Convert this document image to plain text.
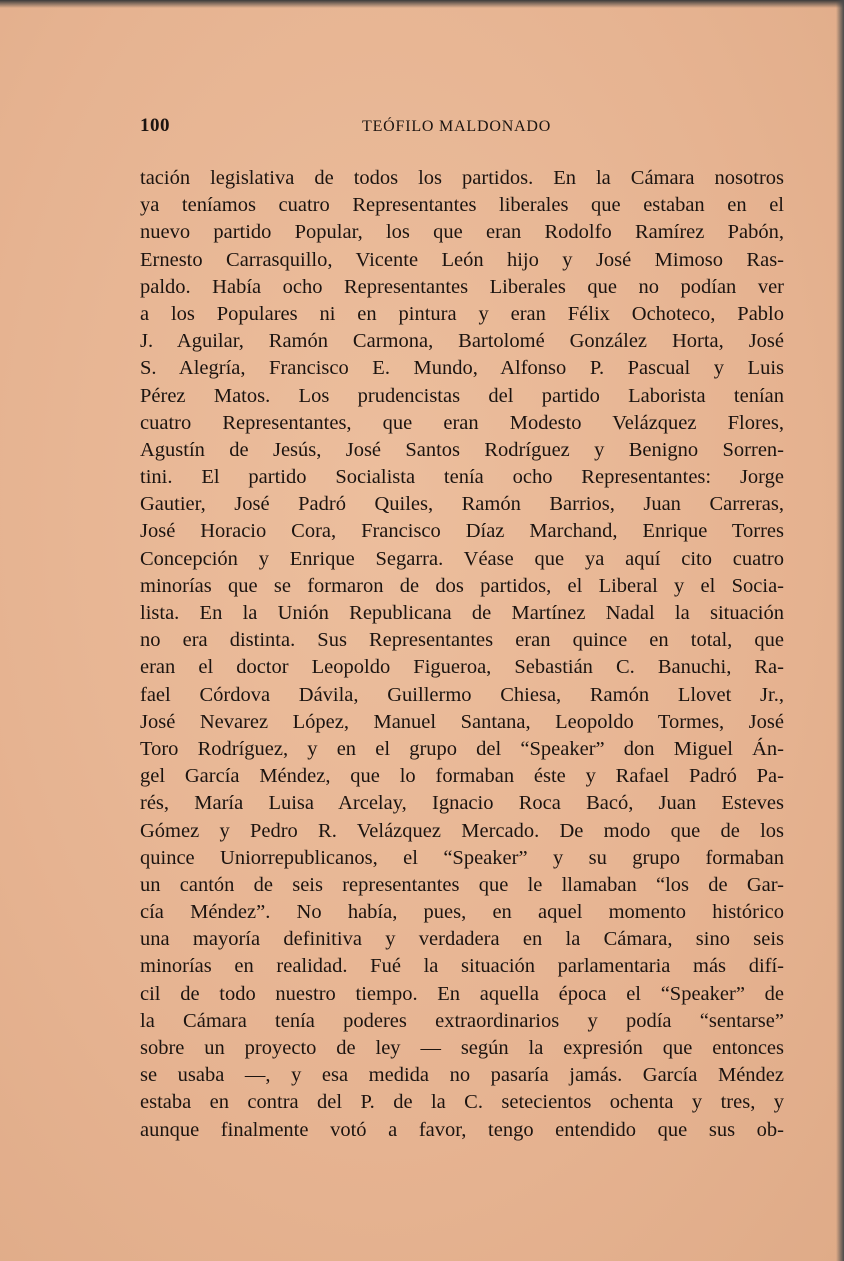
100	TEÓFILO MALDONADO
tación legislativa de todos los partidos. En la Cámara nosotros
ya teníamos cuatro Representantes liberales que estaban en el
nuevo partido Popular, los que eran Rodolfo Ramírez Pabón,
Ernesto Carrasquillo, Vicente León hijo y José Mimoso Ras-
paldo. Había ocho Representantes Liberales que no podían ver
a los Populares ni en pintura y eran Félix Ochoteco, Pablo
J. Aguilar, Ramón Carmona, Bartolomé González Horta, José
S. Alegría, Francisco E. Mundo, Alfonso P. Pascual y Luis
Pérez Matos. Los prudencistas del partido Laborista tenían
cuatro Representantes, que eran Modesto Velázquez Flores,
Agustín de Jesús, José Santos Rodríguez y Benigno Sorren-
tini. El partido Socialista tenía ocho Representantes: Jorge
Gautier, José Padró Quiles, Ramón Barrios, Juan Carreras,
José Horacio Cora, Francisco Díaz Marchand, Enrique Torres
Concepción y Enrique Segarra. Véase que ya aquí cito cuatro
minorías que se formaron de dos partidos, el Liberal y el Socia-
lista. En la Unión Republicana de Martínez Nadal la situación
no era distinta. Sus Representantes eran quince en total, que
eran el doctor Leopoldo Figueroa, Sebastián C. Banuchi, Ra-
fael Córdova Dávila, Guillermo Chiesa, Ramón Llovet Jr.,
José Nevarez López, Manuel Santana, Leopoldo Tormes, José
Toro Rodríguez, y en el grupo del “Speaker” don Miguel Án-
gel García Méndez, que lo formaban éste y Rafael Padró Pa-
rés, María Luisa Arcelay, Ignacio Roca Bacó, Juan Esteves
Gómez y Pedro R. Velázquez Mercado. De modo que de los
quince Uniorrepublicanos, el “Speaker” y su grupo formaban
un cantón de seis representantes que le llamaban “los de Gar-
cía Méndez”. No había, pues, en aquel momento histórico
una mayoría definitiva y verdadera en la Cámara, sino seis
minorías en realidad. Fué la situación parlamentaria más difí-
cil de todo nuestro tiempo. En aquella época el “Speaker” de
la Cámara tenía poderes extraordinarios y podía “sentarse”
sobre un proyecto de ley — según la expresión que entonces
se usaba —, y esa medida no pasaría jamás. García Méndez
estaba en contra del P. de la C. setecientos ochenta y tres, y
aunque finalmente votó a favor, tengo entendido que sus ob-
